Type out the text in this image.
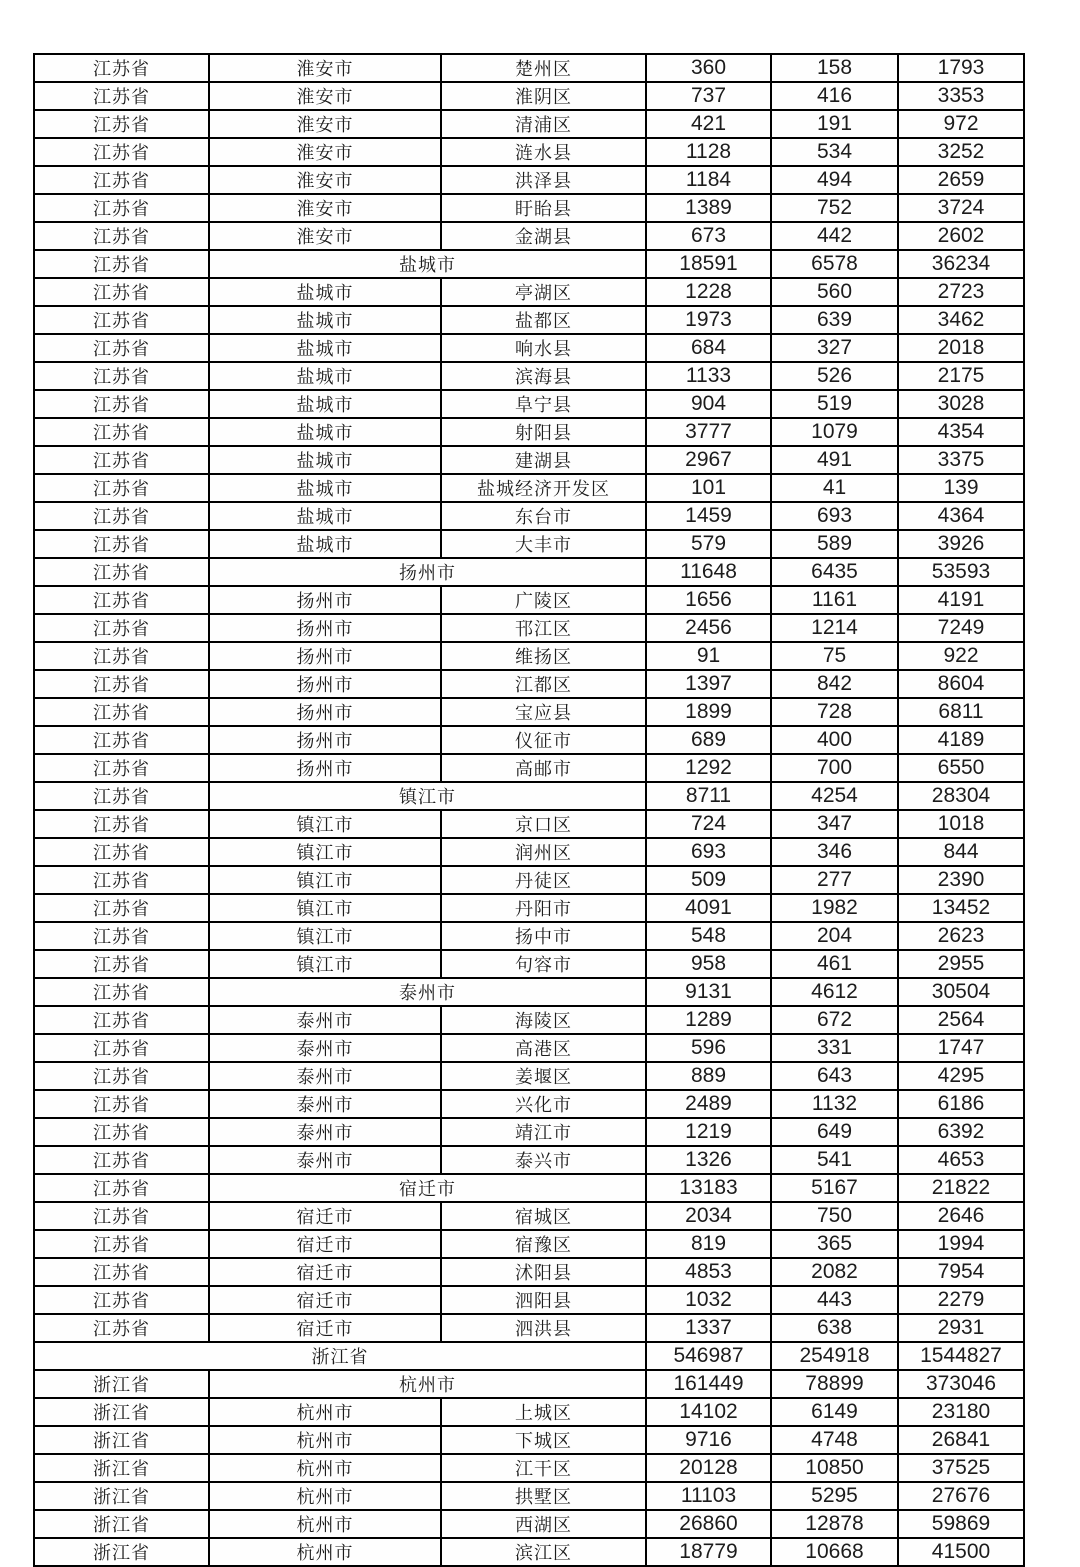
江苏省	淮安市	楚州区	360	158	1793
江苏省	淮安市	淮阴区	737	416	3353
江苏省	淮安市	清浦区	421	191	972
江苏省	淮安市	涟水县	1128	534	3252
江苏省	淮安市	洪泽县	1184	494	2659
江苏省	淮安市	盱眙县	1389	752	3724
江苏省	淮安市	金湖县	673	442	2602
江苏省	盐城市		18591	6578	36234
江苏省	盐城市	亭湖区	1228	560	2723
江苏省	盐城市	盐都区	1973	639	3462
江苏省	盐城市	响水县	684	327	2018
江苏省	盐城市	滨海县	1133	526	2175
江苏省	盐城市	阜宁县	904	519	3028
江苏省	盐城市	射阳县	3777	1079	4354
江苏省	盐城市	建湖县	2967	491	3375
江苏省	盐城市	盐城经济开发区	101	41	139
江苏省	盐城市	东台市	1459	693	4364
江苏省	盐城市	大丰市	579	589	3926
江苏省	扬州市		11648	6435	53593
江苏省	扬州市	广陵区	1656	1161	4191
江苏省	扬州市	邗江区	2456	1214	7249
江苏省	扬州市	维扬区	91	75	922
江苏省	扬州市	江都区	1397	842	8604
江苏省	扬州市	宝应县	1899	728	6811
江苏省	扬州市	仪征市	689	400	4189
江苏省	扬州市	高邮市	1292	700	6550
江苏省	镇江市		8711	4254	28304
江苏省	镇江市	京口区	724	347	1018
江苏省	镇江市	润州区	693	346	844
江苏省	镇江市	丹徒区	509	277	2390
江苏省	镇江市	丹阳市	4091	1982	13452
江苏省	镇江市	扬中市	548	204	2623
江苏省	镇江市	句容市	958	461	2955
江苏省	泰州市		9131	4612	30504
江苏省	泰州市	海陵区	1289	672	2564
江苏省	泰州市	高港区	596	331	1747
江苏省	泰州市	姜堰区	889	643	4295
江苏省	泰州市	兴化市	2489	1132	6186
江苏省	泰州市	靖江市	1219	649	6392
江苏省	泰州市	泰兴市	1326	541	4653
江苏省	宿迁市		13183	5167	21822
江苏省	宿迁市	宿城区	2034	750	2646
江苏省	宿迁市	宿豫区	819	365	1994
江苏省	宿迁市	沭阳县	4853	2082	7954
江苏省	宿迁市	泗阳县	1032	443	2279
江苏省	宿迁市	泗洪县	1337	638	2931
浙江省			546987	254918	1544827
浙江省	杭州市		161449	78899	373046
浙江省	杭州市	上城区	14102	6149	23180
浙江省	杭州市	下城区	9716	4748	26841
浙江省	杭州市	江干区	20128	10850	37525
浙江省	杭州市	拱墅区	11103	5295	27676
浙江省	杭州市	西湖区	26860	12878	59869
浙江省	杭州市	滨江区	18779	10668	41500
